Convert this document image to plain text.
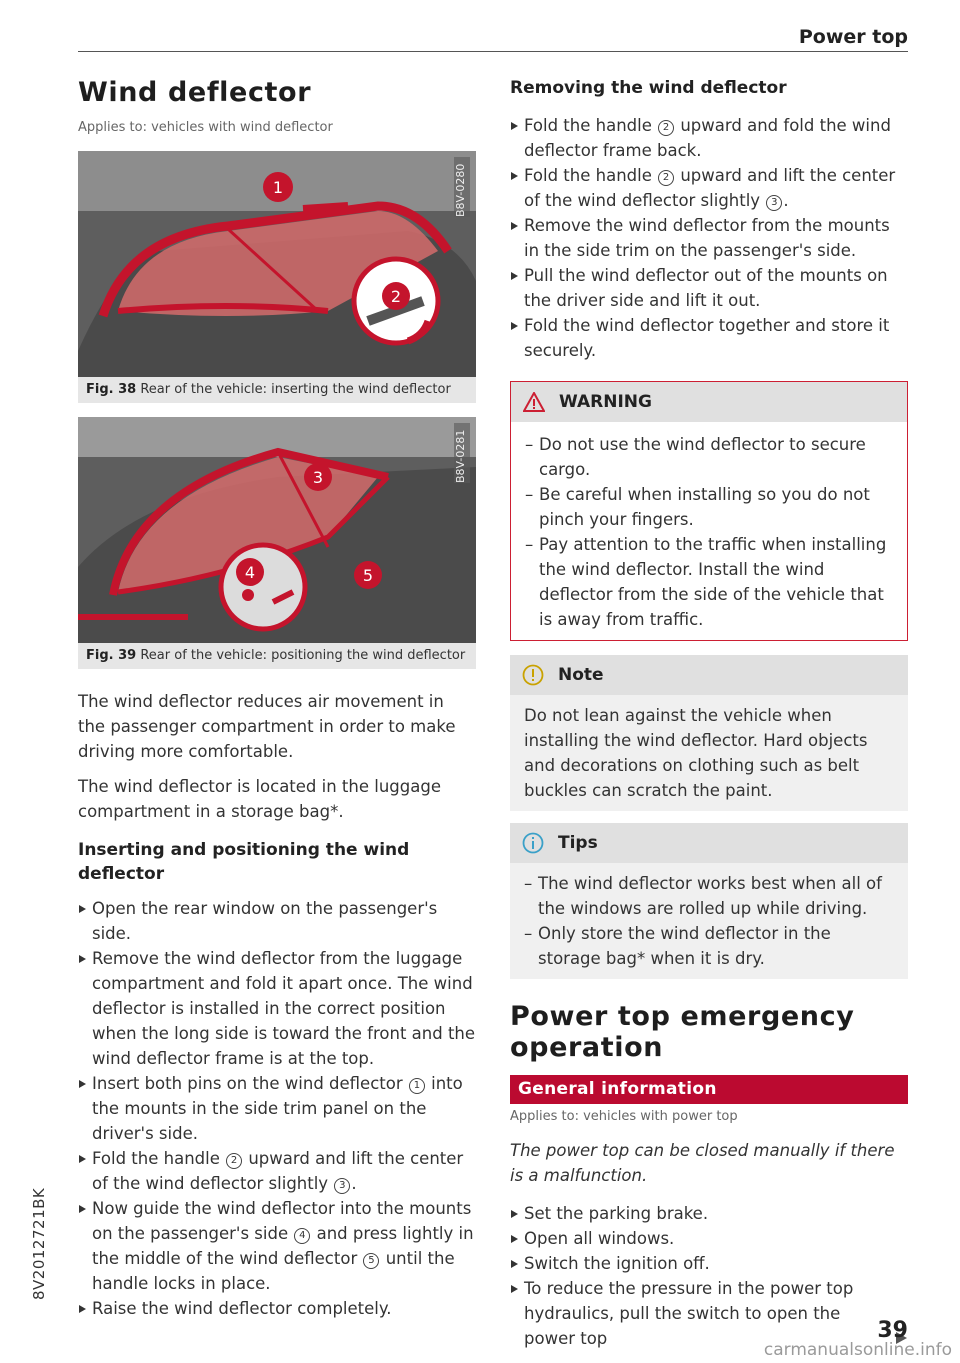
Power top
8V2012721BK
Wind deflector
Applies to: vehicles with wind deflector
1
2
B8V-0280
Fig. 38 Rear of the vehicle: inserting the wind deflector
3
4	5
B8V-0281
Fig. 39 Rear of the vehicle: positioning the wind deflector

The wind deflector reduces air movement in the passenger compartment in order to make driving more comfortable.

The wind deflector is located in the luggage compartment in a storage bag*.

Inserting and positioning the wind deflector
Open the rear window on the passenger's side.
Remove the wind deflector from the luggage compartment and fold it apart once. The wind deflector is installed in the correct position when the long side is toward the front and the wind deflector frame is at the top.
Insert both pins on the wind deflector 1 into the mounts in the side trim panel on the driver's side.
Fold the handle 2 upward and lift the center of the wind deflector slightly 3 .
Now guide the wind deflector into the mounts on the passenger's side 4 and press lightly in the middle of the wind deflector 5 until the handle locks in place.
Raise the wind deflector completely.
Removing the wind deflector
Fold the handle 2 upward and fold the wind deflector frame back.
Fold the handle 2 upward and lift the center of the wind deflector slightly 3 .
Remove the wind deflector from the mounts in the side trim on the passenger's side.
Pull the wind deflector out of the mounts on the driver side and lift it out.
Fold the wind deflector together and store it securely.
WARNING
– Do not use the wind deflector to secure cargo.
– Be careful when installing so you do not pinch your fingers.
– Pay attention to the traffic when installing the wind deflector. Install the wind deflector from the side of the vehicle that is away from traffic.
Note

Do not lean against the vehicle when installing the wind deflector. Hard objects and decorations on clothing such as belt buckles can scratch the paint.

Tips
– The wind deflector works best when all of the windows are rolled up while driving.
– Only store the wind deflector in the storage bag* when it is dry.
Power top emergency operation
General information
Applies to: vehicles with power top

The power top can be closed manually if there is a malfunction.

Set the parking brake.
Open all windows.
Switch the ignition off.
To reduce the pressure in the power top hydraulics, pull the switch to open the power top	39
carmanualsonline.info
